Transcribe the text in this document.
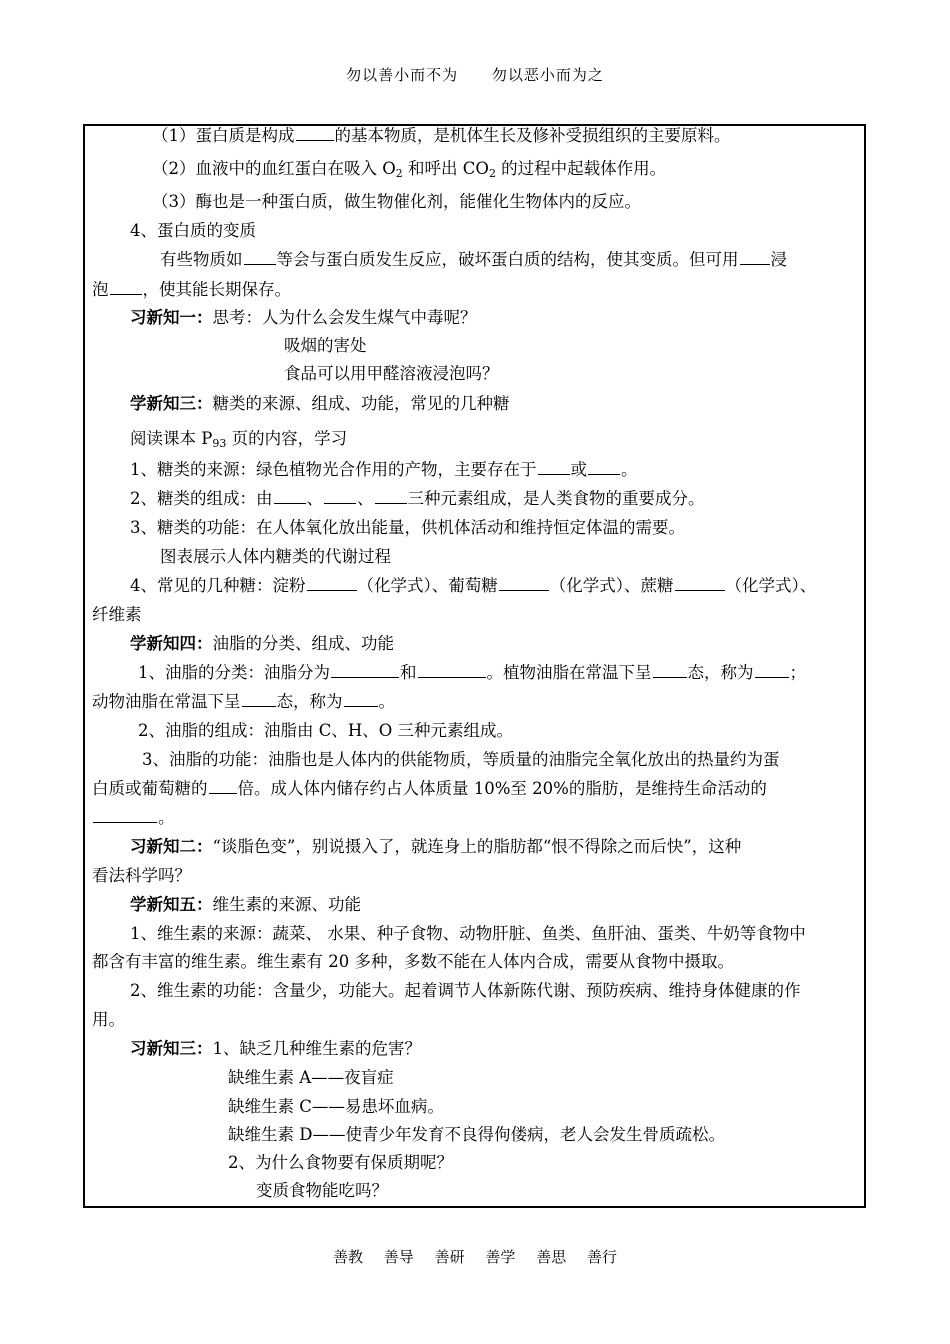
勿以善小而不为 勿以恶小而为之
（1）蛋白质是构成 的基本物质，是机体生长及修补受损组织的主要原料。
（2）血液中的血红蛋白在吸入 $O_2$ 和呼出 $CO_2$ 的过程中起载体作用。
（3）酶也是一种蛋白质，做生物催化剂，能催化生物体内的反应。
4、蛋白质的变质
有些物质如 等会与蛋白质发生反应，破坏蛋白质的结构，使其变质。但可用 浸
泡 ，使其能长期保存。
习新知一：思考：人为什么会发生煤气中毒呢？
吸烟的害处
食品可以用甲醛溶液浸泡吗？
学新知三：糖类的来源、组成、功能，常见的几种糖
阅读课本 $P_{93}$ 页的内容，学习
1、糖类的来源：绿色植物光合作用的产物，主要存在于 或 。
2、糖类的组成：由 、 、 三种元素组成，是人类食物的重要成分。
3、糖类的功能：在人体氧化放出能量，供机体活动和维持恒定体温的需要。
图表展示人体内糖类的代谢过程
4、常见的几种糖：淀粉	（化学式）、葡萄糖	（化学式）、蔗糖	（化学式）、
纤维素
学新知四：油脂的分类、组成、功能
1、油脂的分类：油脂分为	和	。植物油脂在常温下呈 态，称为 ；
动物油脂在常温下呈 态，称为 。
2、油脂的组成：油脂由 C、H、O 三种元素组成。
3、油脂的功能：油脂也是人体内的供能物质，等质量的油脂完全氧化放出的热量约为蛋
白质或葡萄糖的 倍。成人体内储存约占人体质量 10%至 20%的脂肪，是维持生命活动的
。
习新知二：“谈脂色变”，别说摄入了，就连身上的脂肪都“恨不得除之而后快”，这种
看法科学吗？
学新知五：维生素的来源、功能
1、维生素的来源：蔬菜、 水果、种子食物、动物肝脏、鱼类、鱼肝油、蛋类、牛奶等食物中
都含有丰富的维生素。维生素有 20 多种，多数不能在人体内合成，需要从食物中摄取。
2、维生素的功能：含量少，功能大。起着调节人体新陈代谢、预防疾病、维持身体健康的作
用。
习新知三：1、缺乏几种维生素的危害？
缺维生素 A——夜盲症
缺维生素 C——易患坏血病。
缺维生素 D——使青少年发育不良得佝偻病，老人会发生骨质疏松。
2、为什么食物要有保质期呢？
变质食物能吃吗？
善教 善导 善研 善学 善思 善行
